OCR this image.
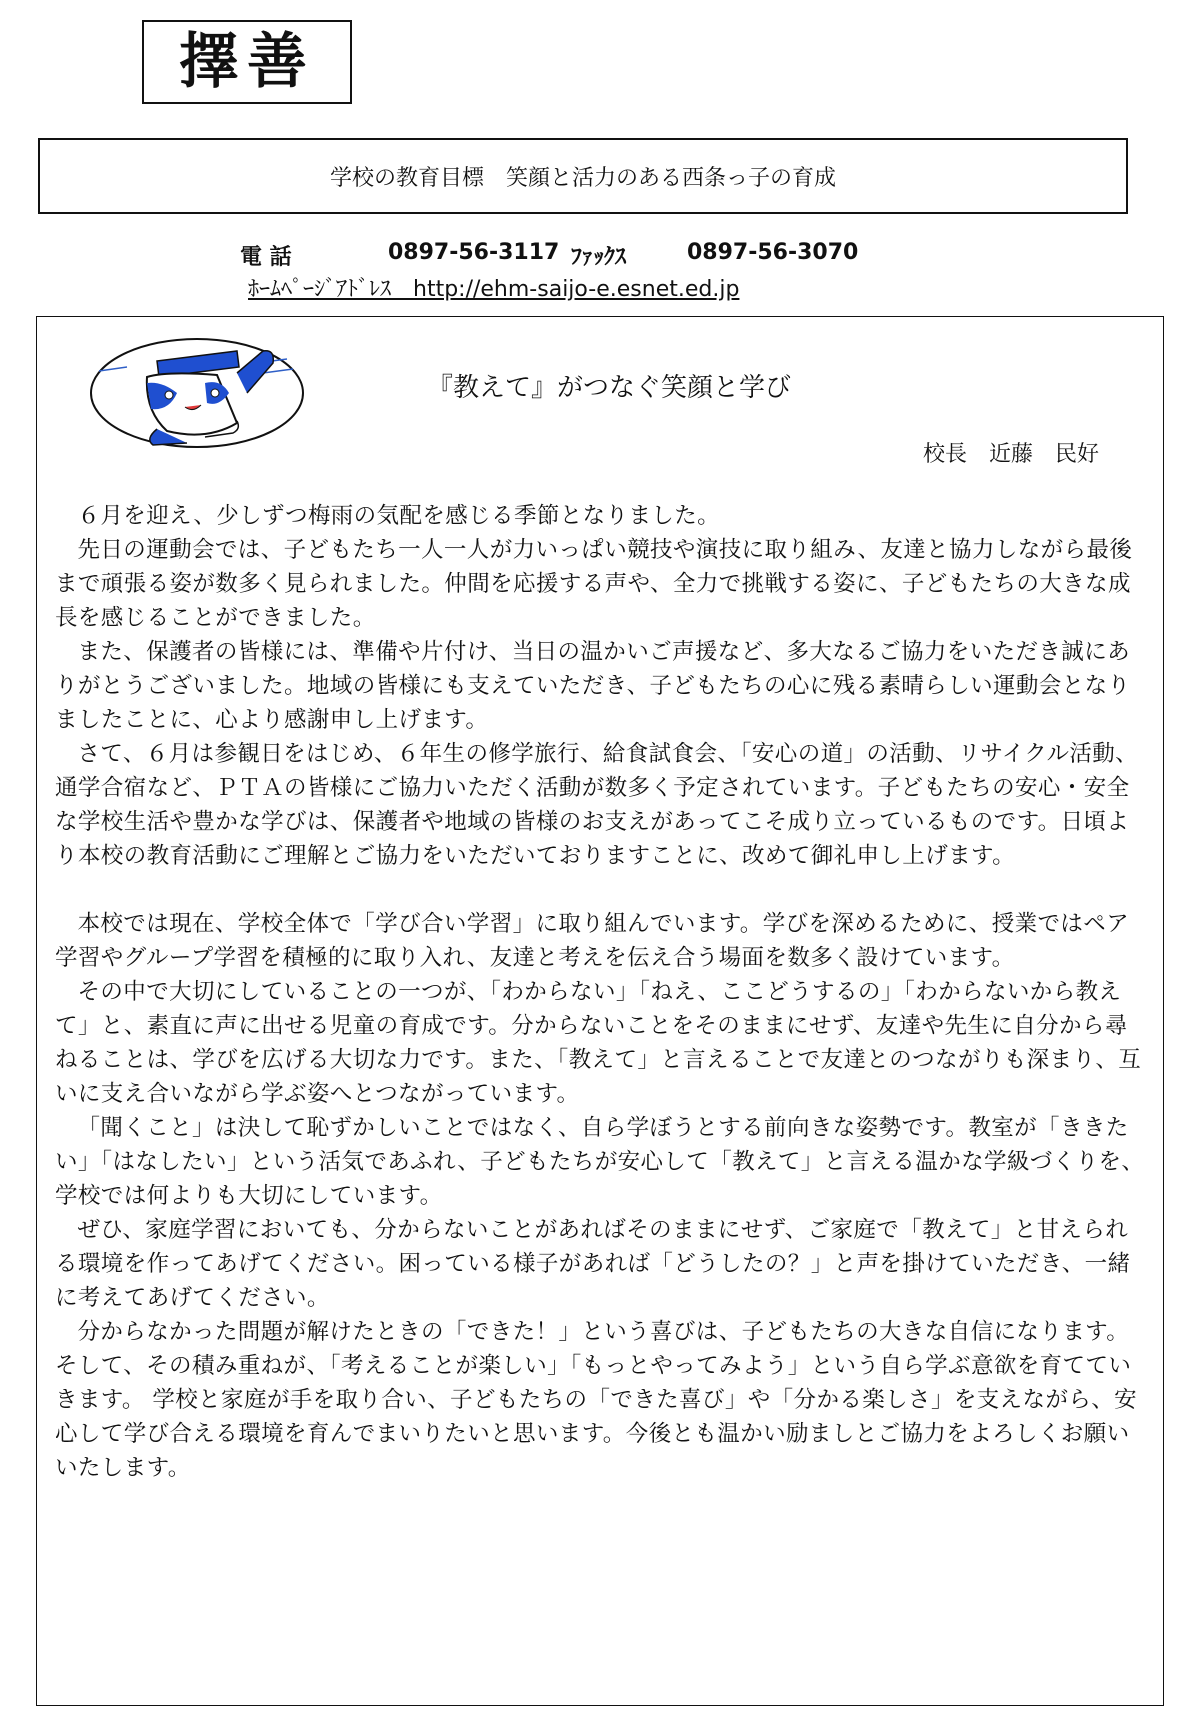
擇善
学校の教育目標　笑顔と活力のある西条っ子の育成
電 話	0897-56-3117 ﾌｧｯｸｽ	0897-56-3070
ﾎｰﾑﾍﾟｰｼﾞｱﾄﾞﾚｽ　http://ehm-saijo-e.esnet.ed.jp
『教えて』がつなぐ笑顔と学び
校長　近藤　民好

６月を迎え、少しずつ梅雨の気配を感じる季節となりました。

先日の運動会では、子どもたち一人一人が力いっぱい競技や演技に取り組み、友達と協力しながら最後まで頑張る姿が数多く見られました。仲間を応援する声や、全力で挑戦する姿に、子どもたちの大きな成長を感じることができました。

また、保護者の皆様には、準備や片付け、当日の温かいご声援など、多大なるご協力をいただき誠にありがとうございました。地域の皆様にも支えていただき、子どもたちの心に残る素晴らしい運動会となりましたことに、心より感謝申し上げます。

さて、６月は参観日をはじめ、６年生の修学旅行、給食試食会、「安心の道」の活動、リサイクル活動、通学合宿など、ＰＴＡの皆様にご協力いただく活動が数多く予定されています。子どもたちの安心・安全な学校生活や豊かな学びは、保護者や地域の皆様のお支えがあってこそ成り立っているものです。日頃より本校の教育活動にご理解とご協力をいただいておりますことに、改めて御礼申し上げます。

本校では現在、学校全体で「学び合い学習」に取り組んでいます。学びを深めるために、授業ではペア学習やグループ学習を積極的に取り入れ、友達と考えを伝え合う場面を数多く設けています。

その中で大切にしていることの一つが、「わからない」「ねえ、ここどうするの」「わからないから教えて」と、素直に声に出せる児童の育成です。分からないことをそのままにせず、友達や先生に自分から尋ねることは、学びを広げる大切な力です。また、「教えて」と言えることで友達とのつながりも深まり、互いに支え合いながら学ぶ姿へとつながっています。

「聞くこと」は決して恥ずかしいことではなく、自ら学ぼうとする前向きな姿勢です。教室が「ききたい」「はなしたい」という活気であふれ、子どもたちが安心して「教えて」と言える温かな学級づくりを、学校では何よりも大切にしています。

ぜひ、家庭学習においても、分からないことがあればそのままにせず、ご家庭で「教えて」と甘えられる環境を作ってあげてください。困っている様子があれば「どうしたの？」と声を掛けていただき、一緒に考えてあげてください。

分からなかった問題が解けたときの「できた！」という喜びは、子どもたちの大きな自信になります。そして、その積み重ねが、「考えることが楽しい」「もっとやってみよう」という自ら学ぶ意欲を育てていきます。 学校と家庭が手を取り合い、子どもたちの「できた喜び」や「分かる楽しさ」を支えながら、安心して学び合える環境を育んでまいりたいと思います。今後とも温かい励ましとご協力をよろしくお願いいたします。
